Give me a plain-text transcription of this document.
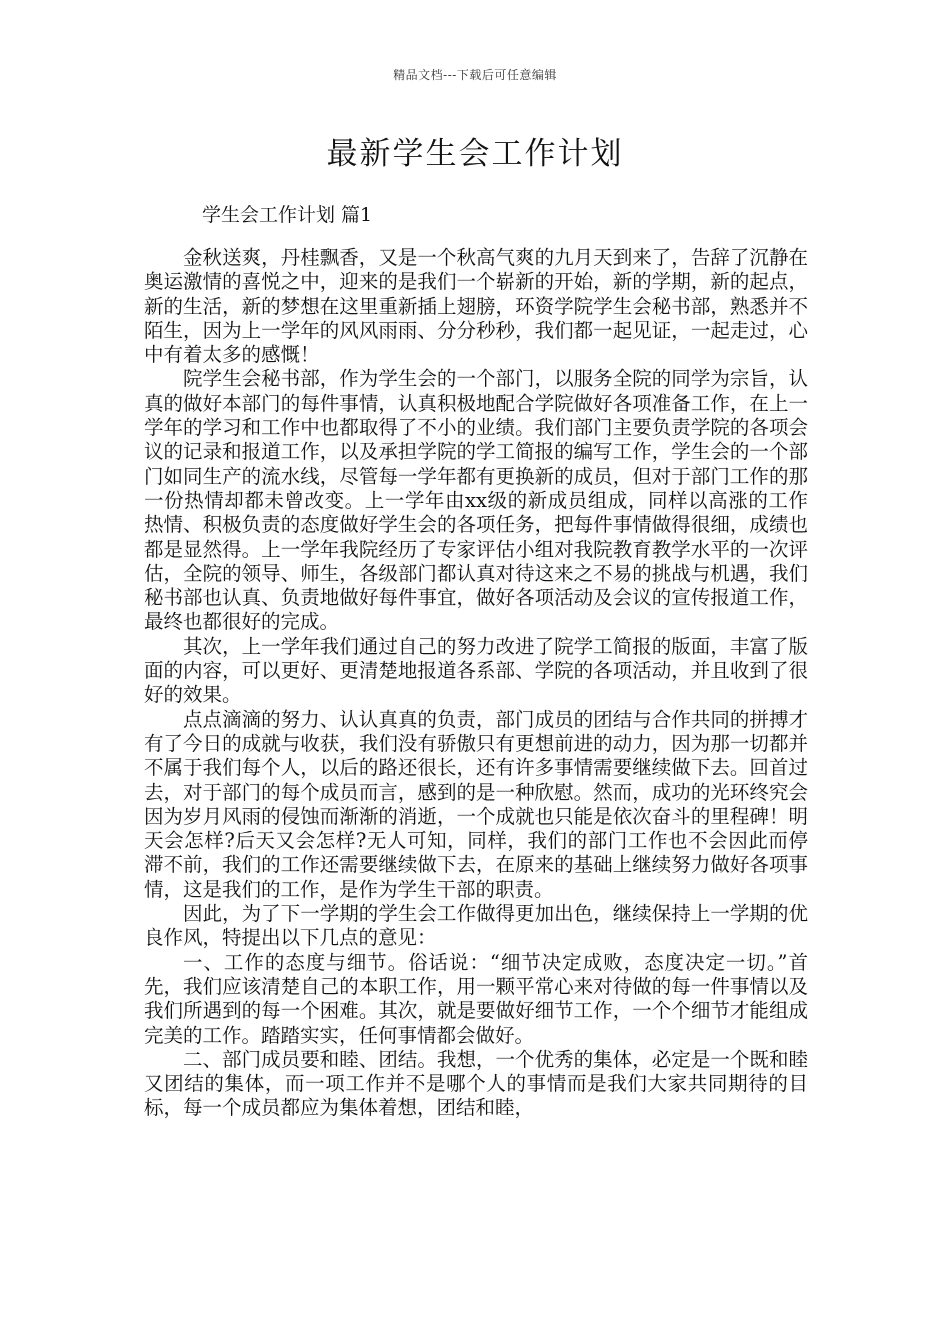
精品文档---下载后可任意编辑
最新学生会工作计划
学生会工作计划 篇1

金秋送爽，丹桂飘香，又是一个秋高气爽的九月天到来了，告辞了沉静在奥运激情的喜悦之中，迎来的是我们一个崭新的开始，新的学期，新的起点，新的生活，新的梦想在这里重新插上翅膀，环资学院学生会秘书部，熟悉并不陌生，因为上一学年的风风雨雨、分分秒秒，我们都一起见证，一起走过，心中有着太多的感慨！

院学生会秘书部，作为学生会的一个部门，以服务全院的同学为宗旨，认真的做好本部门的每件事情，认真积极地配合学院做好各项准备工作，在上一学年的学习和工作中也都取得了不小的业绩。我们部门主要负责学院的各项会议的记录和报道工作，以及承担学院的学工简报的编写工作，学生会的一个部门如同生产的流水线，尽管每一学年都有更换新的成员，但对于部门工作的那一份热情却都未曾改变。上一学年由xx级的新成员组成，同样以高涨的工作热情、积极负责的态度做好学生会的各项任务，把每件事情做得很细，成绩也都是显然得。上一学年我院经历了专家评估小组对我院教育教学水平的一次评估，全院的领导、师生，各级部门都认真对待这来之不易的挑战与机遇，我们秘书部也认真、负责地做好每件事宜，做好各项活动及会议的宣传报道工作，最终也都很好的完成。

其次，上一学年我们通过自己的努力改进了院学工简报的版面，丰富了版面的内容，可以更好、更清楚地报道各系部、学院的各项活动，并且收到了很好的效果。

点点滴滴的努力、认认真真的负责，部门成员的团结与合作共同的拼搏才有了今日的成就与收获，我们没有骄傲只有更想前进的动力，因为那一切都并不属于我们每个人，以后的路还很长，还有许多事情需要继续做下去。回首过去，对于部门的每个成员而言，感到的是一种欣慰。然而，成功的光环终究会因为岁月风雨的侵蚀而渐渐的消逝，一个成就也只能是依次奋斗的里程碑！明天会怎样?后天又会怎样?无人可知，同样，我们的部门工作也不会因此而停滞不前，我们的工作还需要继续做下去，在原来的基础上继续努力做好各项事情，这是我们的工作，是作为学生干部的职责。

因此，为了下一学期的学生会工作做得更加出色，继续保持上一学期的优良作风，特提出以下几点的意见：

一、工作的态度与细节。俗话说：“细节决定成败，态度决定一切。”首先，我们应该清楚自己的本职工作，用一颗平常心来对待做的每一件事情以及我们所遇到的每一个困难。其次，就是要做好细节工作，一个个细节才能组成完美的工作。踏踏实实，任何事情都会做好。

二、部门成员要和睦、团结。我想，一个优秀的集体，必定是一个既和睦又团结的集体，而一项工作并不是哪个人的事情而是我们大家共同期待的目标，每一个成员都应为集体着想，团结和睦，
